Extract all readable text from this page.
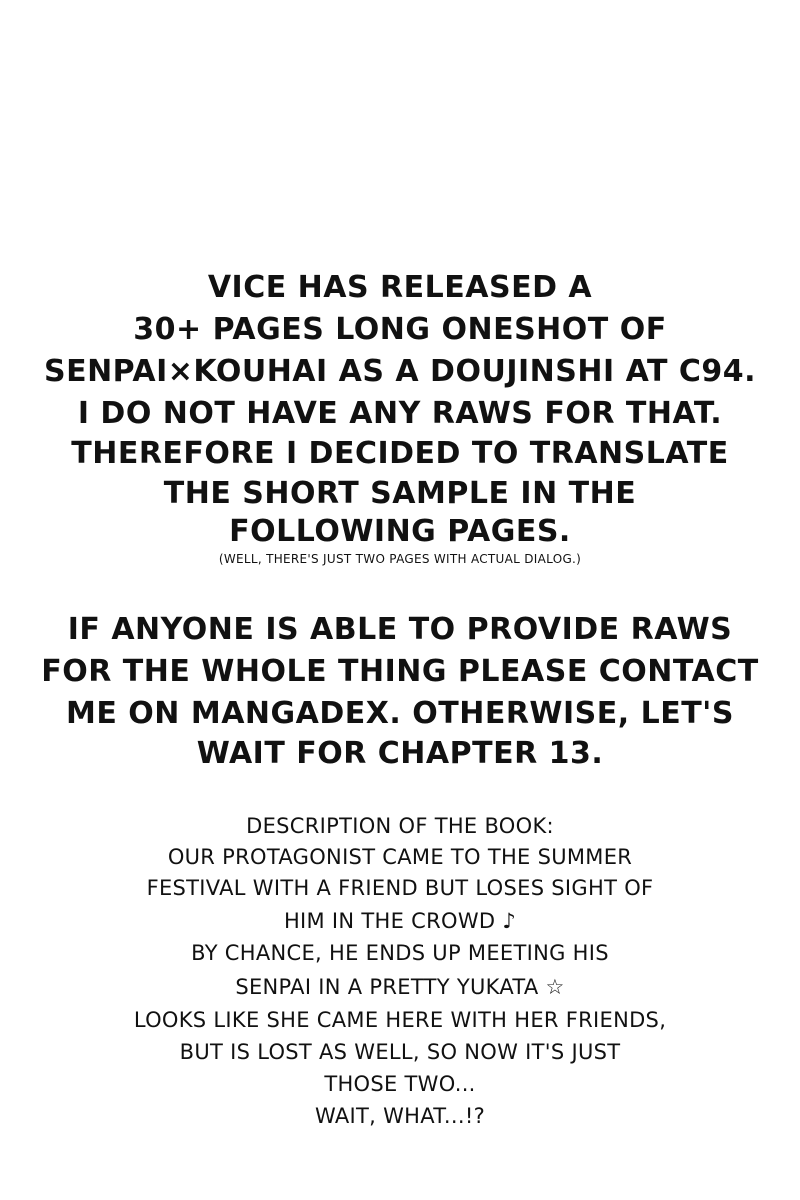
VICE HAS RELEASED A
30+ PAGES LONG ONESHOT OF
SENPAI×KOUHAI AS A DOUJINSHI AT C94.
I DO NOT HAVE ANY RAWS FOR THAT.
THEREFORE I DECIDED TO TRANSLATE
THE SHORT SAMPLE IN THE
FOLLOWING PAGES.
(WELL, THERE'S JUST TWO PAGES WITH ACTUAL DIALOG.)
IF ANYONE IS ABLE TO PROVIDE RAWS
FOR THE WHOLE THING PLEASE CONTACT
ME ON MANGADEX. OTHERWISE, LET'S
WAIT FOR CHAPTER 13.
DESCRIPTION OF THE BOOK:
OUR PROTAGONIST CAME TO THE SUMMER
FESTIVAL WITH A FRIEND BUT LOSES SIGHT OF
HIM IN THE CROWD ♪
BY CHANCE, HE ENDS UP MEETING HIS
SENPAI IN A PRETTY YUKATA ☆
LOOKS LIKE SHE CAME HERE WITH HER FRIENDS,
BUT IS LOST AS WELL, SO NOW IT'S JUST
THOSE TWO...
WAIT, WHAT...!?
